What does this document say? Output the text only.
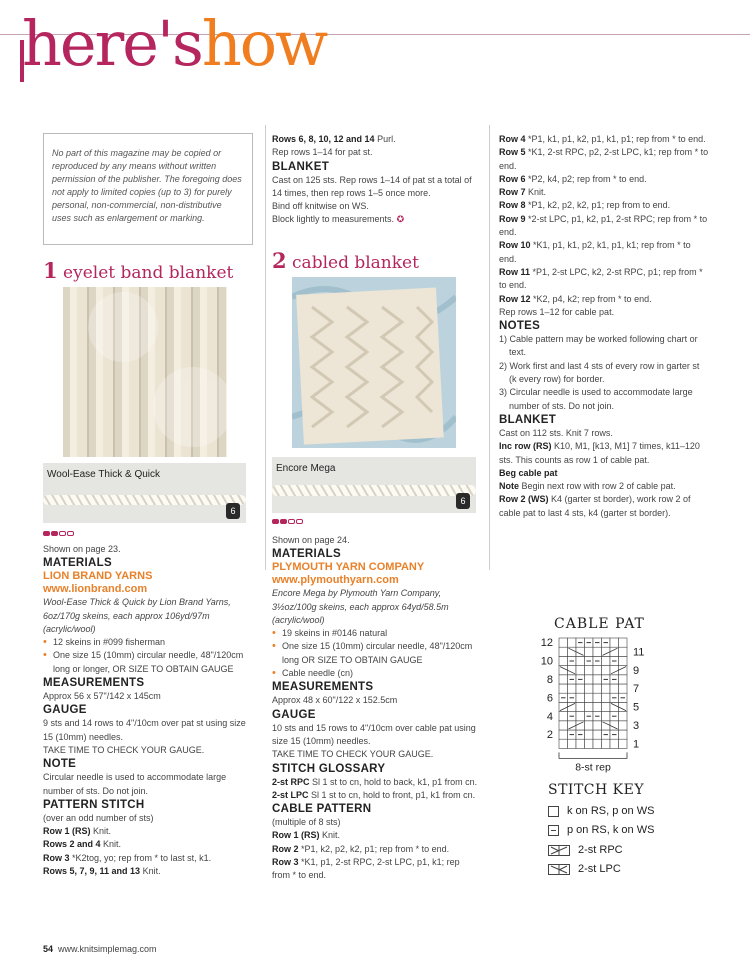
here'show
No part of this magazine may be copied or reproduced by any means without written permission of the publisher. The foregoing does not apply to limited copies (up to 3) for purely personal, non-commercial, non-distributive uses such as enlargement or marking.
1 eyelet band blanket
Wool-Ease Thick & Quick
6

Shown on page 23.

MATERIALS

LION BRAND YARNS

www.lionbrand.com

Wool-Ease Thick & Quick by Lion Brand Yarns, 6oz/170g skeins, each approx 106yd/97m (acrylic/wool)

• 12 skeins in #099 fisherman

• One size 15 (10mm) circular needle, 48"/120cm long or longer, OR SIZE TO OBTAIN GAUGE

MEASUREMENTS

Approx 56 x 57"/142 x 145cm

GAUGE

9 sts and 14 rows to 4"/10cm over pat st using size 15 (10mm) needles.

TAKE TIME TO CHECK YOUR GAUGE.

NOTE

Circular needle is used to accommodate large number of sts. Do not join.

PATTERN STITCH

(over an odd number of sts)

Row 1 (RS) Knit.

Rows 2 and 4 Knit.

Row 3 *K2tog, yo; rep from * to last st, k1.

Rows 5, 7, 9, 11 and 13 Knit.

Rows 6, 8, 10, 12 and 14 Purl.

Rep rows 1–14 for pat st.

BLANKET

Cast on 125 sts. Rep rows 1–14 of pat st a total of 14 times, then rep rows 1–5 once more.

Bind off knitwise on WS.

Block lightly to measurements. ✪

2 cabled blanket
Encore Mega
6

Shown on page 24.

MATERIALS

PLYMOUTH YARN COMPANY

www.plymouthyarn.com

Encore Mega by Plymouth Yarn Company, 3½oz/100g skeins, each approx 64yd/58.5m (acrylic/wool)

• 19 skeins in #0146 natural

• One size 15 (10mm) circular needle, 48"/120cm long OR SIZE TO OBTAIN GAUGE

• Cable needle (cn)

MEASUREMENTS

Approx 48 x 60"/122 x 152.5cm

GAUGE

10 sts and 15 rows to 4"/10cm over cable pat using size 15 (10mm) needles.

TAKE TIME TO CHECK YOUR GAUGE.

STITCH GLOSSARY

2-st RPC Sl 1 st to cn, hold to back, k1, p1 from cn.

2-st LPC Sl 1 st to cn, hold to front, p1, k1 from cn.

CABLE PATTERN

(multiple of 8 sts)

Row 1 (RS) Knit.

Row 2 *P1, k2, p2, k2, p1; rep from * to end.

Row 3 *K1, p1, 2-st RPC, 2-st LPC, p1, k1; rep from * to end.

Row 4 *P1, k1, p1, k2, p1, k1, p1; rep from * to end.

Row 5 *K1, 2-st RPC, p2, 2-st LPC, k1; rep from * to end.

Row 6 *P2, k4, p2; rep from * to end.

Row 7 Knit.

Row 8 *P1, k2, p2, k2, p1; rep from to end.

Row 9 *2-st LPC, p1, k2, p1, 2-st RPC; rep from * to end.

Row 10 *K1, p1, k1, p2, k1, p1, k1; rep from * to end.

Row 11 *P1, 2-st LPC, k2, 2-st RPC, p1; rep from * to end.

Row 12 *K2, p4, k2; rep from * to end.

Rep rows 1–12 for cable pat.

NOTES

1) Cable pattern may be worked following chart or text.

2) Work first and last 4 sts of every row in garter st (k every row) for border.

3) Circular needle is used to accommodate large number of sts. Do not join.

BLANKET

Cast on 112 sts. Knit 7 rows.

Inc row (RS) K10, M1, [k13, M1] 7 times, k11–120 sts. This counts as row 1 of cable pat.

Beg cable pat

Note Begin next row with row 2 of cable pat.

Row 2 (WS) K4 (garter st border), work row 2 of cable pat to last 4 sts, k4 (garter st border).

CABLE PAT
12
10
8
6
4
2
11
9
7
5
3
1
8-st rep
STITCH KEY
k on RS, p on WS
p on RS, k on WS
2-st RPC
2-st LPC
54 www.knitsimplemag.com
